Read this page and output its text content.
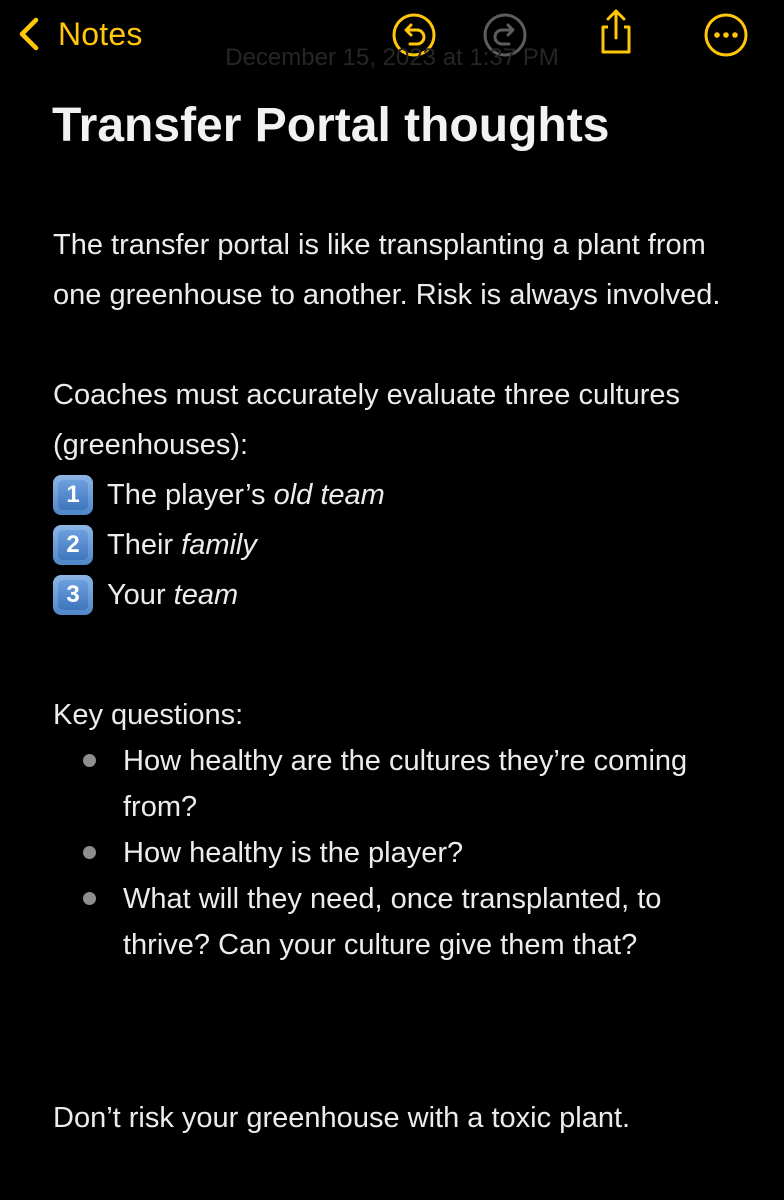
Notes
December 15, 2023 at 1:37 PM
Transfer Portal thoughts

The transfer portal is like transplanting a plant from one greenhouse to another. Risk is always involved.

Coaches must accurately evaluate three cultures (greenhouses):

1 The player’s old team
2 Their family
3 Your team

Key questions:

How healthy are the cultures they’re coming from?
How healthy is the player?
What will they need, once transplanted, to thrive? Can your culture give them that?

Don’t risk your greenhouse with a toxic plant.
